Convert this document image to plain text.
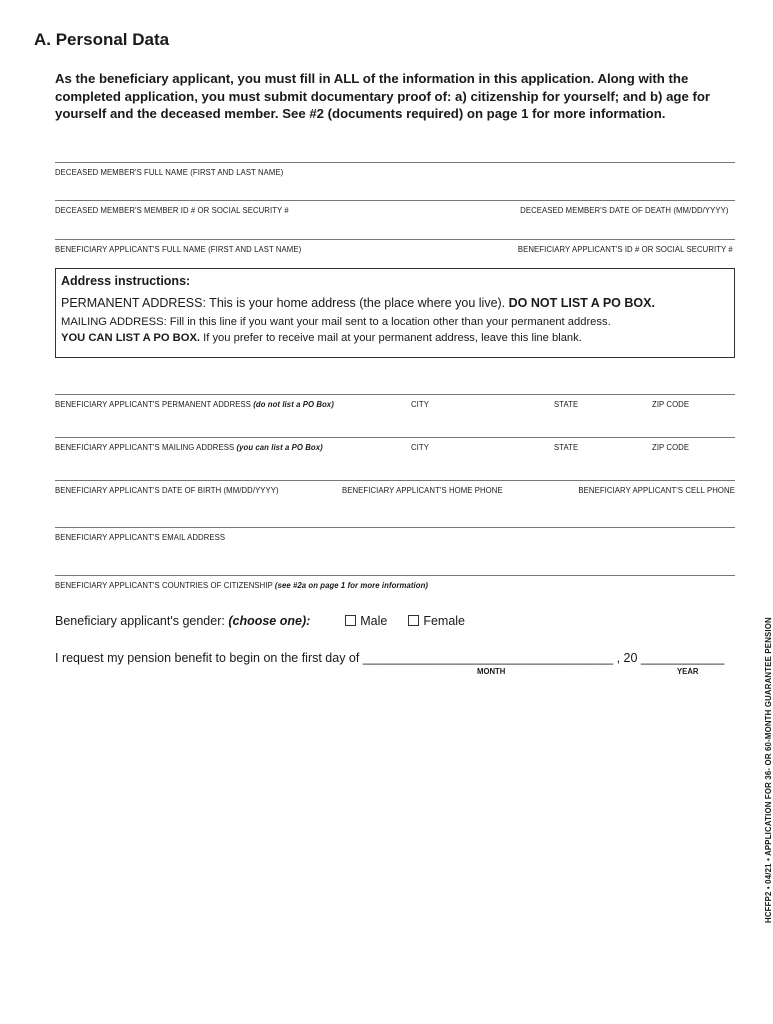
A. Personal Data
As the beneficiary applicant, you must fill in ALL of the information in this application. Along with the completed application, you must submit documentary proof of: a) citizenship for yourself; and b) age for yourself and the deceased member. See #2 (documents required) on page 1 for more information.
DECEASED MEMBER'S FULL NAME (FIRST AND LAST NAME)
DECEASED MEMBER'S MEMBER ID # OR SOCIAL SECURITY #	DECEASED MEMBER'S DATE OF DEATH (MM/DD/YYYY)
BENEFICIARY APPLICANT'S FULL NAME (FIRST AND LAST NAME)	BENEFICIARY APPLICANT'S ID # OR SOCIAL SECURITY #
Address instructions:
PERMANENT ADDRESS: This is your home address (the place where you live). DO NOT LIST A PO BOX.
MAILING ADDRESS: Fill in this line if you want your mail sent to a location other than your permanent address.
YOU CAN LIST A PO BOX. If you prefer to receive mail at your permanent address, leave this line blank.
BENEFICIARY APPLICANT'S PERMANENT ADDRESS (do not list a PO Box)	CITY	STATE	ZIP CODE
BENEFICIARY APPLICANT'S MAILING ADDRESS (you can list a PO Box)	CITY	STATE	ZIP CODE
BENEFICIARY APPLICANT'S DATE OF BIRTH (MM/DD/YYYY)	BENEFICIARY APPLICANT'S HOME PHONE	BENEFICIARY APPLICANT'S CELL PHONE
BENEFICIARY APPLICANT'S EMAIL ADDRESS
BENEFICIARY APPLICANT'S COUNTRIES OF CITIZENSHIP (see #2a on page 1 for more information)
Beneficiary applicant's gender: (choose one):	Male	Female
I request my pension benefit to begin on the first day of ____________________________________ , 20 ____________
MONTH	YEAR	HCFFP2 • 04/21 • APPLICATION FOR 36- OR 60-MONTH GUARANTEE PENSION
